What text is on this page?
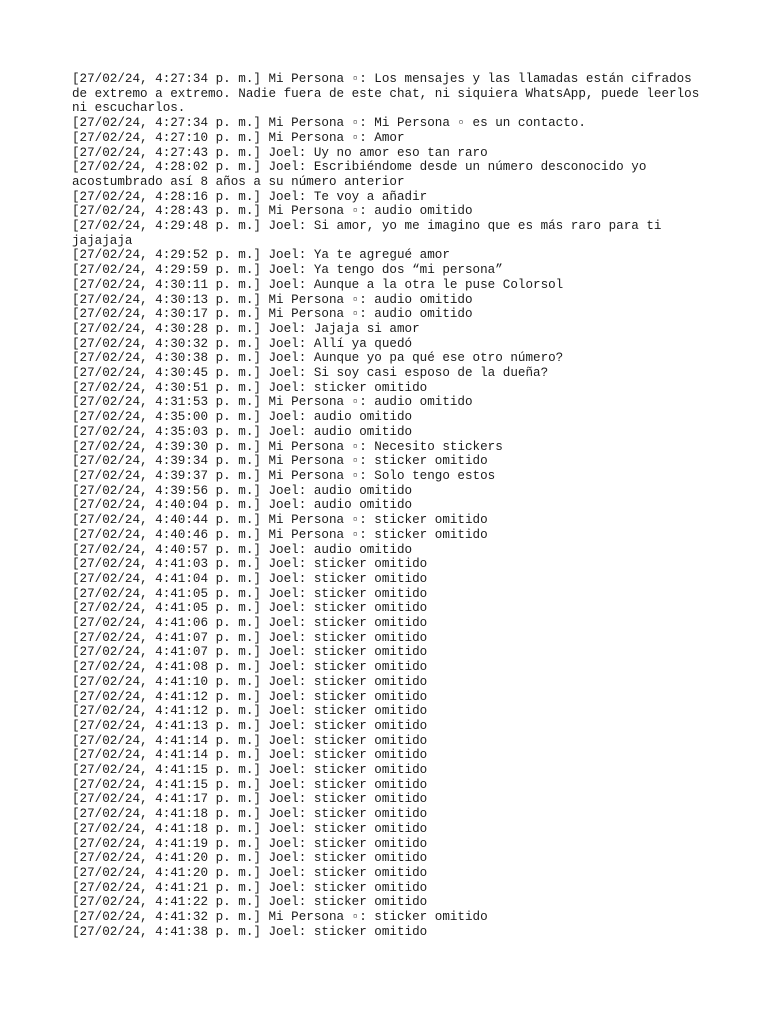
[27/02/24, 4:27:34 p. m.] Mi Persona ▫: Los mensajes y las llamadas están cifrados de extremo a extremo. Nadie fuera de este chat, ni siquiera WhatsApp, puede leerlos ni escucharlos.
[27/02/24, 4:27:34 p. m.] Mi Persona ▫: Mi Persona ▫ es un contacto.
[27/02/24, 4:27:10 p. m.] Mi Persona ▫: Amor
[27/02/24, 4:27:43 p. m.] Joel: Uy no amor eso tan raro
[27/02/24, 4:28:02 p. m.] Joel: Escribiéndome desde un número desconocido yo acostumbrado así 8 años a su número anterior
[27/02/24, 4:28:16 p. m.] Joel: Te voy a añadir
[27/02/24, 4:28:43 p. m.] Mi Persona ▫: audio omitido
[27/02/24, 4:29:48 p. m.] Joel: Si amor, yo me imagino que es más raro para ti jajajaja
[27/02/24, 4:29:52 p. m.] Joel: Ya te agregué amor
[27/02/24, 4:29:59 p. m.] Joel: Ya tengo dos “mi persona”
[27/02/24, 4:30:11 p. m.] Joel: Aunque a la otra le puse Colorsol
[27/02/24, 4:30:13 p. m.] Mi Persona ▫: audio omitido
[27/02/24, 4:30:17 p. m.] Mi Persona ▫: audio omitido
[27/02/24, 4:30:28 p. m.] Joel: Jajaja si amor
[27/02/24, 4:30:32 p. m.] Joel: Allí ya quedó
[27/02/24, 4:30:38 p. m.] Joel: Aunque yo pa qué ese otro número?
[27/02/24, 4:30:45 p. m.] Joel: Si soy casi esposo de la dueña?
[27/02/24, 4:30:51 p. m.] Joel: sticker omitido
[27/02/24, 4:31:53 p. m.] Mi Persona ▫: audio omitido
[27/02/24, 4:35:00 p. m.] Joel: audio omitido
[27/02/24, 4:35:03 p. m.] Joel: audio omitido
[27/02/24, 4:39:30 p. m.] Mi Persona ▫: Necesito stickers
[27/02/24, 4:39:34 p. m.] Mi Persona ▫: sticker omitido
[27/02/24, 4:39:37 p. m.] Mi Persona ▫: Solo tengo estos
[27/02/24, 4:39:56 p. m.] Joel: audio omitido
[27/02/24, 4:40:04 p. m.] Joel: audio omitido
[27/02/24, 4:40:44 p. m.] Mi Persona ▫: sticker omitido
[27/02/24, 4:40:46 p. m.] Mi Persona ▫: sticker omitido
[27/02/24, 4:40:57 p. m.] Joel: audio omitido
[27/02/24, 4:41:03 p. m.] Joel: sticker omitido
[27/02/24, 4:41:04 p. m.] Joel: sticker omitido
[27/02/24, 4:41:05 p. m.] Joel: sticker omitido
[27/02/24, 4:41:05 p. m.] Joel: sticker omitido
[27/02/24, 4:41:06 p. m.] Joel: sticker omitido
[27/02/24, 4:41:07 p. m.] Joel: sticker omitido
[27/02/24, 4:41:07 p. m.] Joel: sticker omitido
[27/02/24, 4:41:08 p. m.] Joel: sticker omitido
[27/02/24, 4:41:10 p. m.] Joel: sticker omitido
[27/02/24, 4:41:12 p. m.] Joel: sticker omitido
[27/02/24, 4:41:12 p. m.] Joel: sticker omitido
[27/02/24, 4:41:13 p. m.] Joel: sticker omitido
[27/02/24, 4:41:14 p. m.] Joel: sticker omitido
[27/02/24, 4:41:14 p. m.] Joel: sticker omitido
[27/02/24, 4:41:15 p. m.] Joel: sticker omitido
[27/02/24, 4:41:15 p. m.] Joel: sticker omitido
[27/02/24, 4:41:17 p. m.] Joel: sticker omitido
[27/02/24, 4:41:18 p. m.] Joel: sticker omitido
[27/02/24, 4:41:18 p. m.] Joel: sticker omitido
[27/02/24, 4:41:19 p. m.] Joel: sticker omitido
[27/02/24, 4:41:20 p. m.] Joel: sticker omitido
[27/02/24, 4:41:20 p. m.] Joel: sticker omitido
[27/02/24, 4:41:21 p. m.] Joel: sticker omitido
[27/02/24, 4:41:22 p. m.] Joel: sticker omitido
[27/02/24, 4:41:32 p. m.] Mi Persona ▫: sticker omitido
[27/02/24, 4:41:38 p. m.] Joel: sticker omitido
